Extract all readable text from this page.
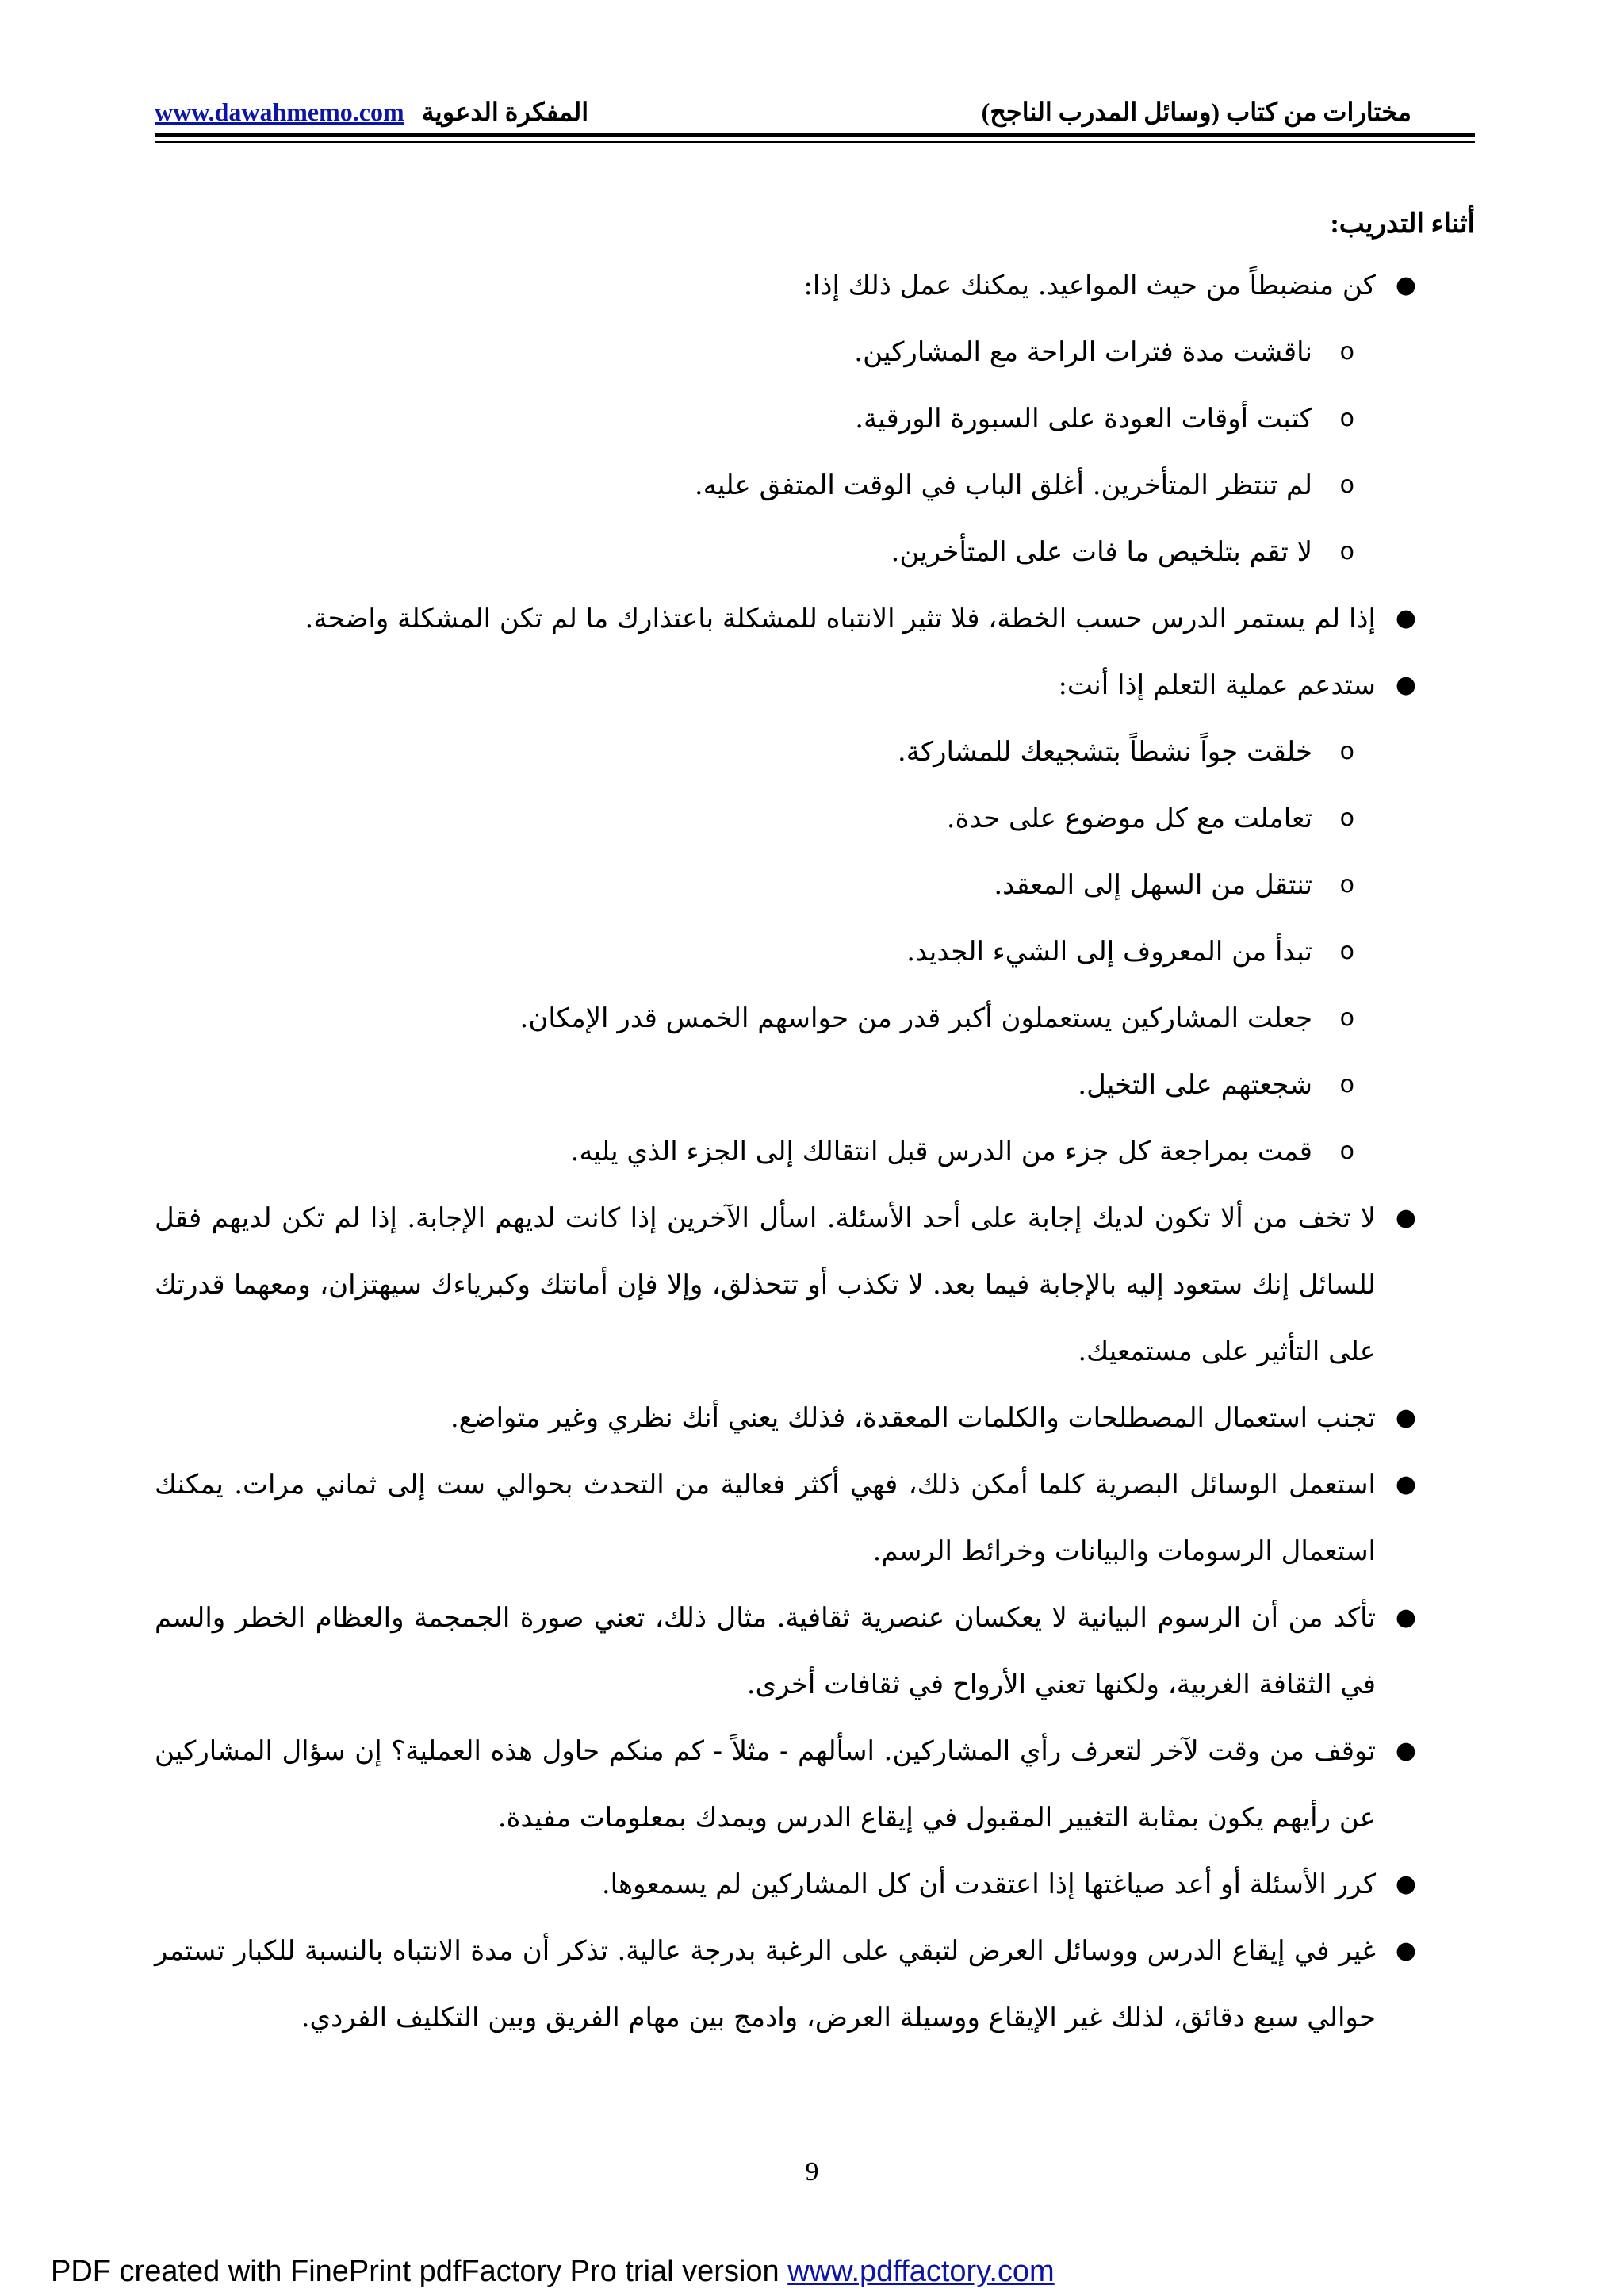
مختارات من كتاب (وسائل المدرب الناجح)
www.dawahmemo.com المفكرة الدعوية
أثناء التدريب:
●
كن منضبطاً من حيث المواعيد. يمكنك عمل ذلك إذا:
o
ناقشت مدة فترات الراحة مع المشاركين.
o
كتبت أوقات العودة على السبورة الورقية.
o
لم تنتظر المتأخرين. أغلق الباب في الوقت المتفق عليه.
o
لا تقم بتلخيص ما فات على المتأخرين.
●
إذا لم يستمر الدرس حسب الخطة، فلا تثير الانتباه للمشكلة باعتذارك ما لم تكن المشكلة واضحة.
●
ستدعم عملية التعلم إذا أنت:
o
خلقت جواً نشطاً بتشجيعك للمشاركة.
o
تعاملت مع كل موضوع على حدة.
o
تنتقل من السهل إلى المعقد.
o
تبدأ من المعروف إلى الشيء الجديد.
o
جعلت المشاركين يستعملون أكبر قدر من حواسهم الخمس قدر الإمكان.
o
شجعتهم على التخيل.
o
قمت بمراجعة كل جزء من الدرس قبل انتقالك إلى الجزء الذي يليه.
●
لا تخف من ألا تكون لديك إجابة على أحد الأسئلة. اسأل الآخرين إذا كانت لديهم الإجابة. إذا لم تكن لديهم فقل للسائل إنك ستعود إليه بالإجابة فيما بعد. لا تكذب أو تتحذلق، وإلا فإن أمانتك وكبرياءك سيهتزان، ومعهما قدرتك على التأثير على مستمعيك.
●
تجنب استعمال المصطلحات والكلمات المعقدة، فذلك يعني أنك نظري وغير متواضع.
●
استعمل الوسائل البصرية كلما أمكن ذلك، فهي أكثر فعالية من التحدث بحوالي ست إلى ثماني مرات. يمكنك استعمال الرسومات والبيانات وخرائط الرسم.
●
تأكد من أن الرسوم البيانية لا يعكسان عنصرية ثقافية. مثال ذلك، تعني صورة الجمجمة والعظام الخطر والسم في الثقافة الغربية، ولكنها تعني الأرواح في ثقافات أخرى.
●
توقف من وقت لآخر لتعرف رأي المشاركين. اسألهم - مثلاً - كم منكم حاول هذه العملية؟ إن سؤال المشاركين عن رأيهم يكون بمثابة التغيير المقبول في إيقاع الدرس ويمدك بمعلومات مفيدة.
●
كرر الأسئلة أو أعد صياغتها إذا اعتقدت أن كل المشاركين لم يسمعوها.
●
غير في إيقاع الدرس ووسائل العرض لتبقي على الرغبة بدرجة عالية. تذكر أن مدة الانتباه بالنسبة للكبار تستمر حوالي سبع دقائق، لذلك غير الإيقاع ووسيلة العرض، وادمج بين مهام الفريق وبين التكليف الفردي.
9
PDF created with FinePrint pdfFactory Pro trial version www.pdffactory.com
